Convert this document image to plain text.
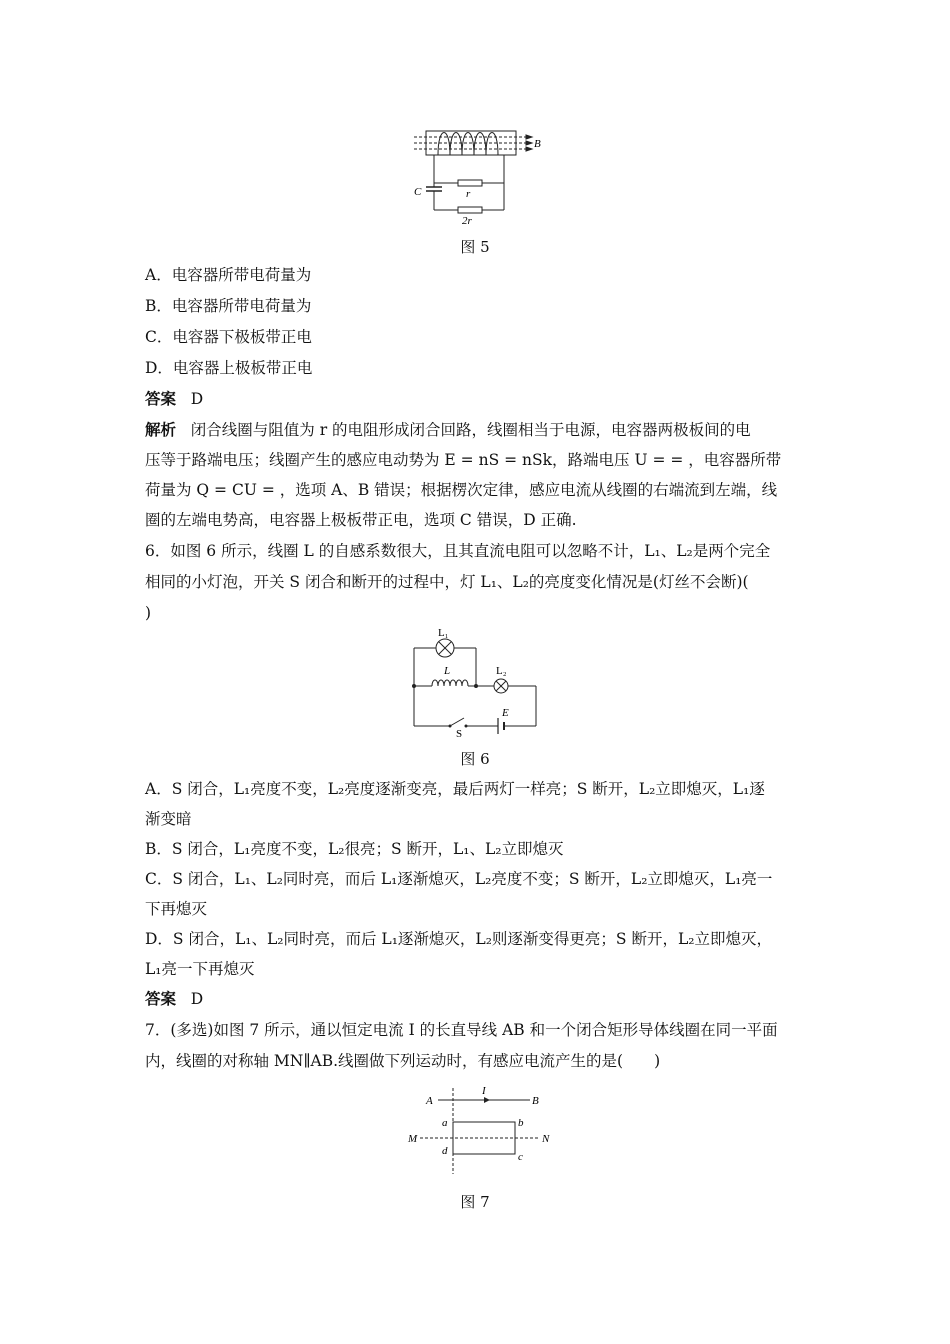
B
C	r
2r
图 5
A．电容器所带电荷量为
B．电容器所带电荷量为
C．电容器下极板带正电
D．电容器上极板带正电
答案 D
解析 闭合线圈与阻值为 r 的电阻形成闭合回路，线圈相当于电源，电容器两极板间的电
压等于路端电压；线圈产生的感应电动势为 E = nS = nSk，路端电压 U = = ，电容器所带
荷量为 Q = CU = ，选项 A、B 错误；根据楞次定律，感应电流从线圈的右端流到左端，线
圈的左端电势高，电容器上极板带正电，选项 C 错误，D 正确.
6．如图 6 所示，线圈 L 的自感系数很大，且其直流电阻可以忽略不计，L₁、L₂是两个完全
相同的小灯泡，开关 S 闭合和断开的过程中，灯 L₁、L₂的亮度变化情况是(灯丝不会断)(
)
L₁
L	L₂
E
S
图 6
A．S 闭合，L₁亮度不变，L₂亮度逐渐变亮，最后两灯一样亮；S 断开，L₂立即熄灭，L₁逐
渐变暗
B．S 闭合，L₁亮度不变，L₂很亮；S 断开，L₁、L₂立即熄灭
C．S 闭合，L₁、L₂同时亮，而后 L₁逐渐熄灭，L₂亮度不变；S 断开，L₂立即熄灭，L₁亮一
下再熄灭
D．S 闭合，L₁、L₂同时亮，而后 L₁逐渐熄灭，L₂则逐渐变得更亮；S 断开，L₂立即熄灭，
L₁亮一下再熄灭
答案 D
7．(多选)如图 7 所示，通以恒定电流 I 的长直导线 AB 和一个闭合矩形导体线圈在同一平面
内，线圈的对称轴 MN∥AB.线圈做下列运动时，有感应电流产生的是(　　)
A	B
I
M	N
a	b
c
d
图 7
